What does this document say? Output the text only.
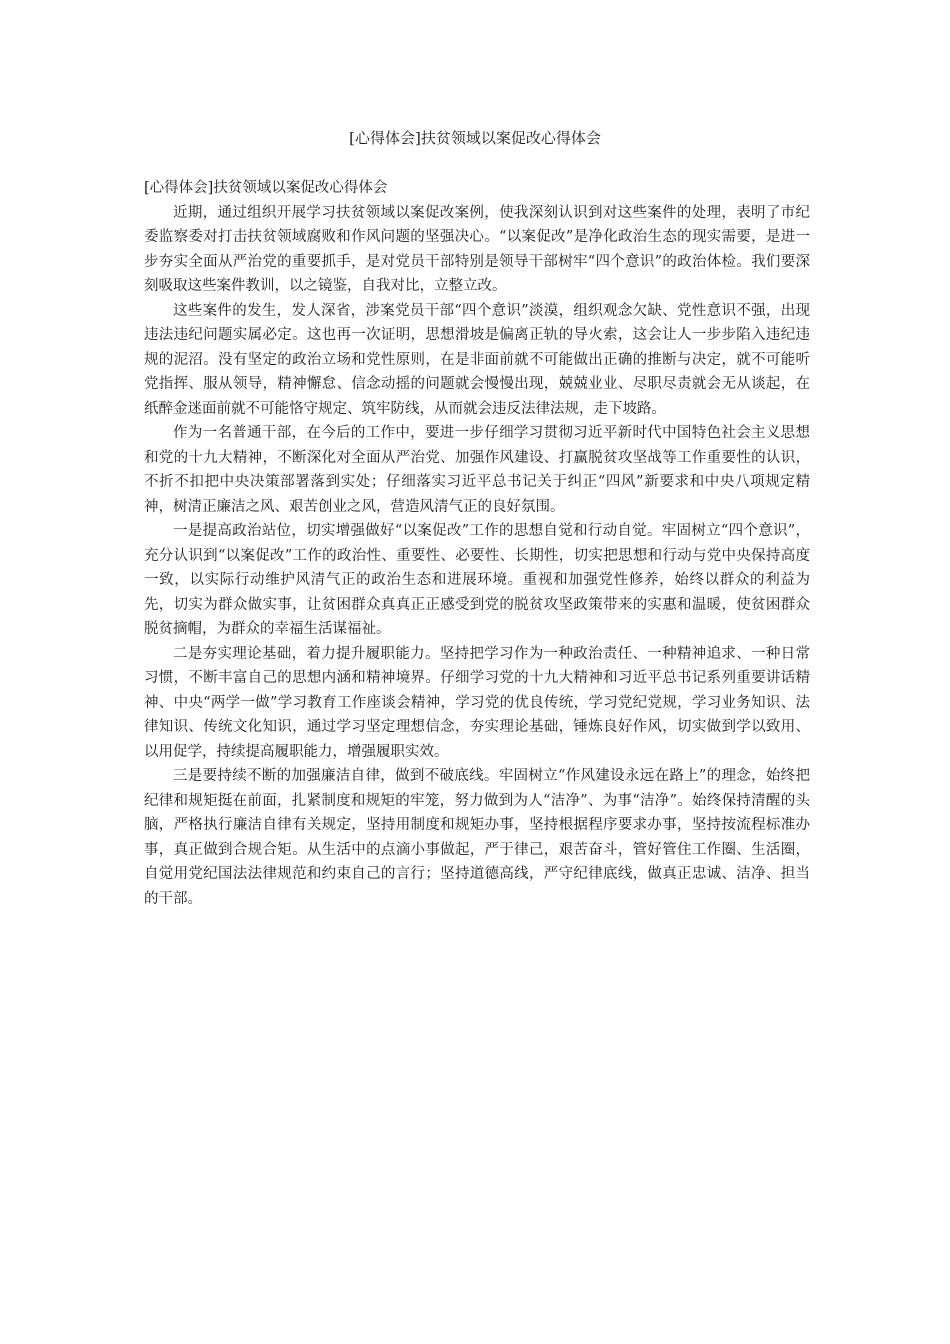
[心得体会]扶贫领域以案促改心得体会

[心得体会]扶贫领域以案促改心得体会

近期，通过组织开展学习扶贫领域以案促改案例，使我深刻认识到对这些案件的处理，表明了市纪委监察委对打击扶贫领域腐败和作风问题的坚强决心。“以案促改”是净化政治生态的现实需要，是进一步夯实全面从严治党的重要抓手，是对党员干部特别是领导干部树牢“四个意识”的政治体检。我们要深刻吸取这些案件教训，以之镜鉴，自我对比，立整立改。

这些案件的发生，发人深省，涉案党员干部“四个意识”淡漠，组织观念欠缺、党性意识不强，出现违法违纪问题实属必定。这也再一次证明，思想滑坡是偏离正轨的导火索，这会让人一步步陷入违纪违规的泥沼。没有坚定的政治立场和党性原则，在是非面前就不可能做出正确的推断与决定，就不可能听党指挥、服从领导，精神懈怠、信念动摇的问题就会慢慢出现，兢兢业业、尽职尽责就会无从谈起，在纸醉金迷面前就不可能恪守规定、筑牢防线，从而就会违反法律法规，走下坡路。

作为一名普通干部，在今后的工作中，要进一步仔细学习贯彻习近平新时代中国特色社会主义思想和党的十九大精神，不断深化对全面从严治党、加强作风建设、打赢脱贫攻坚战等工作重要性的认识，不折不扣把中央决策部署落到实处；仔细落实习近平总书记关于纠正“四风”新要求和中央八项规定精神，树清正廉洁之风、艰苦创业之风，营造风清气正的良好氛围。

一是提高政治站位，切实增强做好“以案促改”工作的思想自觉和行动自觉。牢固树立“四个意识”，充分认识到“以案促改”工作的政治性、重要性、必要性、长期性，切实把思想和行动与党中央保持高度一致，以实际行动维护风清气正的政治生态和进展环境。重视和加强党性修养，始终以群众的利益为先，切实为群众做实事，让贫困群众真真正正感受到党的脱贫攻坚政策带来的实惠和温暖，使贫困群众脱贫摘帽，为群众的幸福生活谋福祉。

二是夯实理论基础，着力提升履职能力。坚持把学习作为一种政治责任、一种精神追求、一种日常习惯，不断丰富自己的思想内涵和精神境界。仔细学习党的十九大精神和习近平总书记系列重要讲话精神、中央“两学一做”学习教育工作座谈会精神，学习党的优良传统，学习党纪党规，学习业务知识、法律知识、传统文化知识，通过学习坚定理想信念，夯实理论基础，锤炼良好作风，切实做到学以致用、以用促学，持续提高履职能力，增强履职实效。

三是要持续不断的加强廉洁自律，做到不破底线。牢固树立“作风建设永远在路上”的理念，始终把纪律和规矩挺在前面，扎紧制度和规矩的牢笼，努力做到为人“洁净”、为事“洁净”。始终保持清醒的头脑，严格执行廉洁自律有关规定，坚持用制度和规矩办事，坚持根据程序要求办事，坚持按流程标准办事，真正做到合规合矩。从生活中的点滴小事做起，严于律己，艰苦奋斗，管好管住工作圈、生活圈，自觉用党纪国法法律规范和约束自己的言行；坚持道德高线，严守纪律底线，做真正忠诚、洁净、担当的干部。
